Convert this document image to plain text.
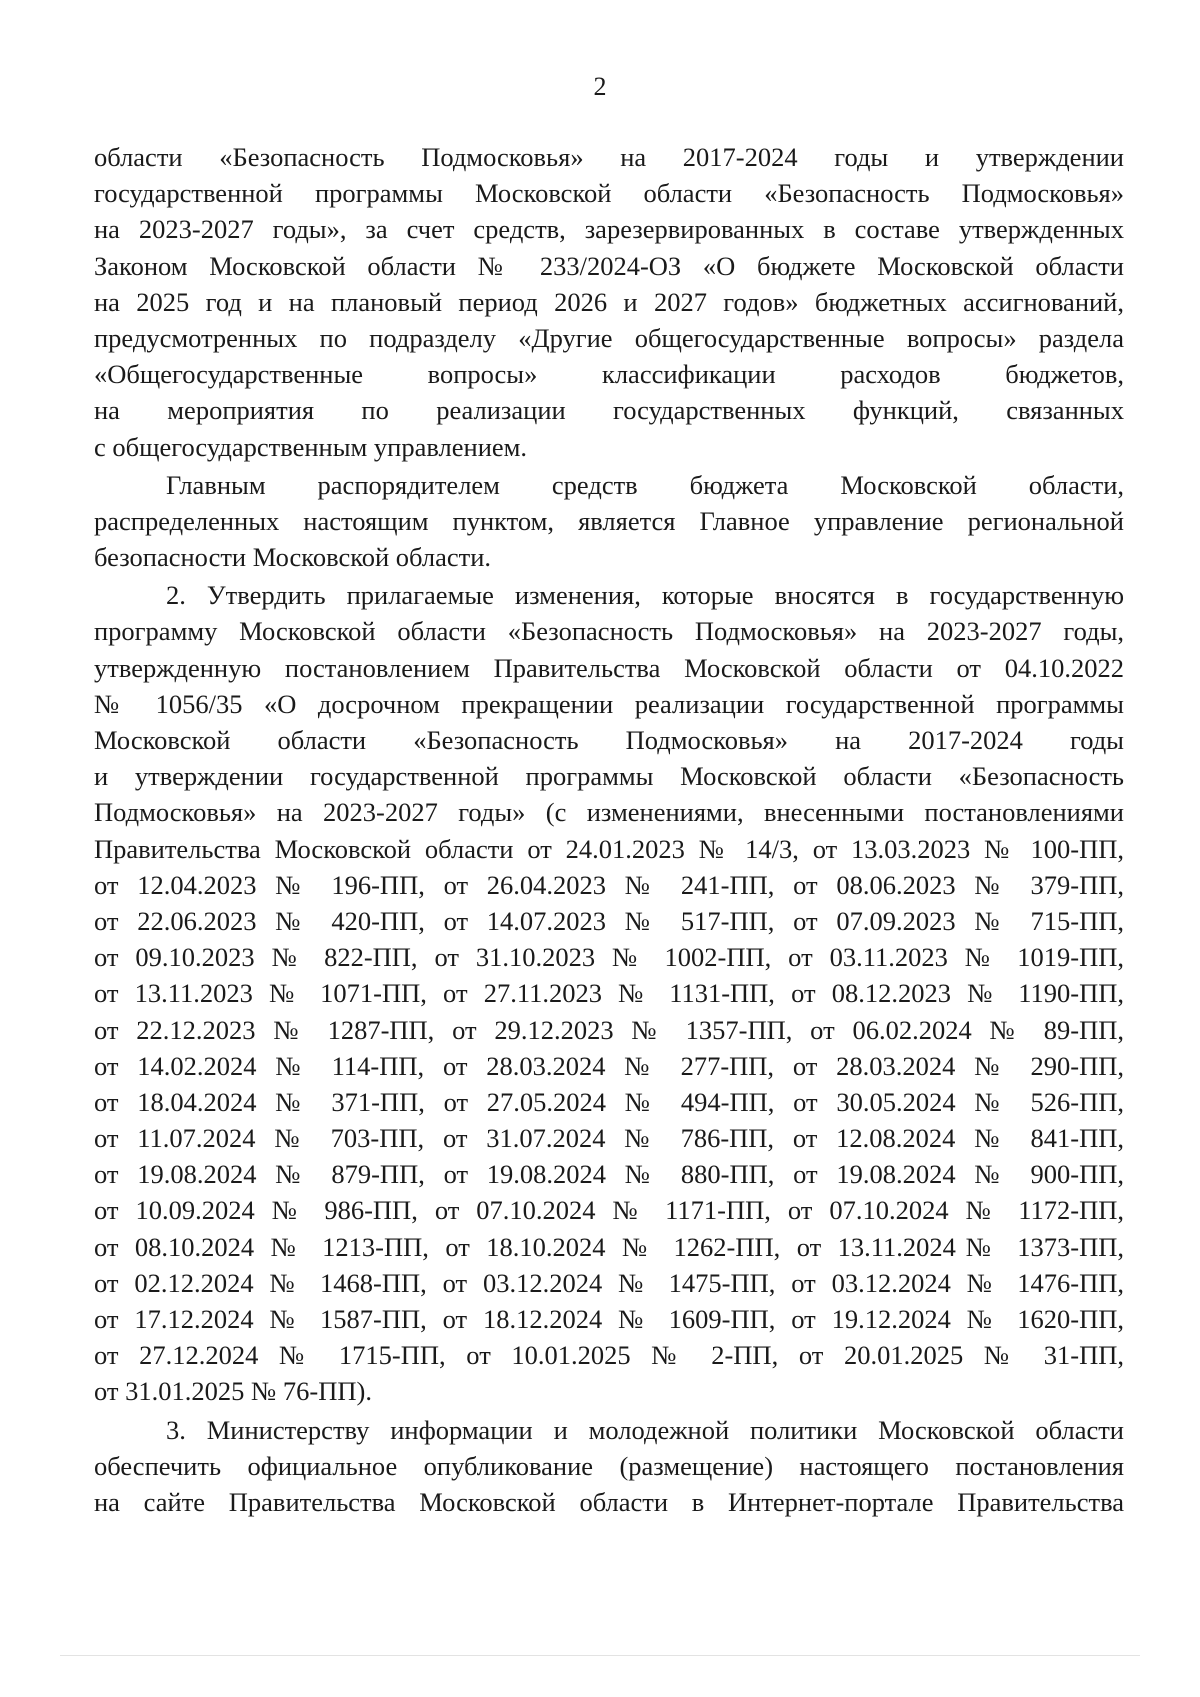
2
области «Безопасность Подмосковья» на 2017-2024 годы и утверждении
государственной программы Московской области «Безопасность Подмосковья»
на 2023-2027 годы», за счет средств, зарезервированных в составе утвержденных
Законом Московской области № 233/2024-ОЗ «О бюджете Московской области
на 2025 год и на плановый период 2026 и 2027 годов» бюджетных ассигнований,
предусмотренных по подразделу «Другие общегосударственные вопросы» раздела
«Общегосударственные вопросы» классификации расходов бюджетов,
на мероприятия по реализации государственных функций, связанных
с общегосударственным управлением.
Главным распорядителем средств бюджета Московской области,
распределенных настоящим пунктом, является Главное управление региональной
безопасности Московской области.
2. Утвердить прилагаемые изменения, которые вносятся в государственную
программу Московской области «Безопасность Подмосковья» на 2023-2027 годы,
утвержденную постановлением Правительства Московской области от 04.10.2022
№ 1056/35 «О досрочном прекращении реализации государственной программы
Московской области «Безопасность Подмосковья» на 2017-2024 годы
и утверждении государственной программы Московской области «Безопасность
Подмосковья» на 2023-2027 годы» (с изменениями, внесенными постановлениями
Правительства Московской области от 24.01.2023 № 14/3, от 13.03.2023 № 100-ПП,
от 12.04.2023 № 196-ПП, от 26.04.2023 № 241-ПП, от 08.06.2023 № 379-ПП,
от 22.06.2023 № 420-ПП, от 14.07.2023 № 517-ПП, от 07.09.2023 № 715-ПП,
от 09.10.2023 № 822-ПП, от 31.10.2023 № 1002-ПП, от 03.11.2023 № 1019-ПП,
от 13.11.2023 № 1071-ПП, от 27.11.2023 № 1131-ПП, от 08.12.2023 № 1190-ПП,
от 22.12.2023 № 1287-ПП, от 29.12.2023 № 1357-ПП, от 06.02.2024 № 89-ПП,
от 14.02.2024 № 114-ПП, от 28.03.2024 № 277-ПП, от 28.03.2024 № 290-ПП,
от 18.04.2024 № 371-ПП, от 27.05.2024 № 494-ПП, от 30.05.2024 № 526-ПП,
от 11.07.2024 № 703-ПП, от 31.07.2024 № 786-ПП, от 12.08.2024 № 841-ПП,
от 19.08.2024 № 879-ПП, от 19.08.2024 № 880-ПП, от 19.08.2024 № 900-ПП,
от 10.09.2024 № 986-ПП, от 07.10.2024 № 1171-ПП, от 07.10.2024 № 1172-ПП,
от 08.10.2024 № 1213-ПП, от 18.10.2024 № 1262-ПП, от 13.11.2024№ 1373-ПП,
от 02.12.2024 № 1468-ПП, от 03.12.2024 № 1475-ПП, от 03.12.2024 № 1476-ПП,
от 17.12.2024 № 1587-ПП, от 18.12.2024 № 1609-ПП, от 19.12.2024 № 1620-ПП,
от 27.12.2024 № 1715-ПП, от 10.01.2025 № 2-ПП, от 20.01.2025 № 31-ПП,
от 31.01.2025 № 76-ПП).
3. Министерству информации и молодежной политики Московской области
обеспечить официальное опубликование (размещение) настоящего постановления
на сайте Правительства Московской области в Интернет-портале Правительства
